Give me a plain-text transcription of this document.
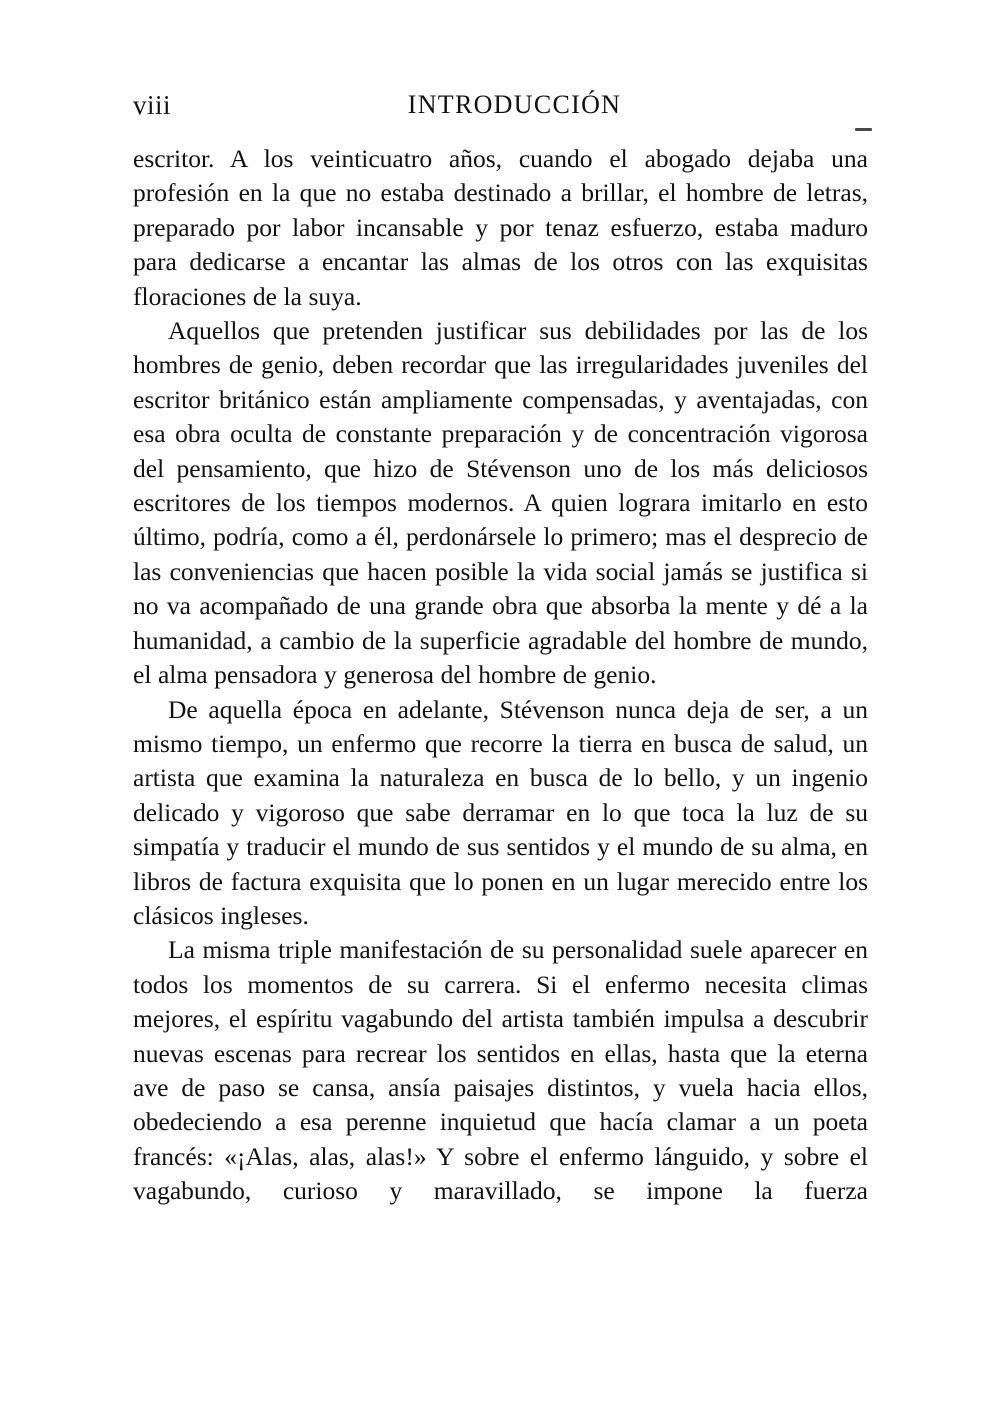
viii	INTRODUCCIÓN

escritor. A los veinticuatro años, cuando el abogado dejaba una profesión en la que no estaba destinado a brillar, el hombre de letras, preparado por labor incansable y por tenaz esfuerzo, estaba maduro para dedicarse a encantar las almas de los otros con las exquisitas floraciones de la suya.

Aquellos que pretenden justificar sus debilidades por las de los hombres de genio, deben recordar que las irregularidades juveniles del escritor británico están ampliamente compensadas, y aventajadas, con esa obra oculta de constante preparación y de concentración vigorosa del pensamiento, que hizo de Stévenson uno de los más deliciosos escritores de los tiempos modernos. A quien lograra imitarlo en esto último, podría, como a él, perdonársele lo primero; mas el desprecio de las conveniencias que hacen posible la vida social jamás se justifica si no va acompañado de una grande obra que absorba la mente y dé a la humanidad, a cambio de la superficie agradable del hombre de mundo, el alma pensadora y generosa del hombre de genio.

De aquella época en adelante, Stévenson nunca deja de ser, a un mismo tiempo, un enfermo que recorre la tierra en busca de salud, un artista que examina la naturaleza en busca de lo bello, y un ingenio delicado y vigoroso que sabe derramar en lo que toca la luz de su simpatía y traducir el mundo de sus sentidos y el mundo de su alma, en libros de factura exquisita que lo ponen en un lugar merecido entre los clásicos ingleses.

La misma triple manifestación de su personalidad suele aparecer en todos los momentos de su carrera. Si el enfermo necesita climas mejores, el espíritu vagabundo del artista también impulsa a descubrir nuevas escenas para recrear los sentidos en ellas, hasta que la eterna ave de paso se cansa, ansía paisajes distintos, y vuela hacia ellos, obedeciendo a esa perenne inquietud que hacía clamar a un poeta francés: «¡Alas, alas, alas!» Y sobre el enfermo lánguido, y sobre el vagabundo, curioso y maravillado, se impone la fuerza
